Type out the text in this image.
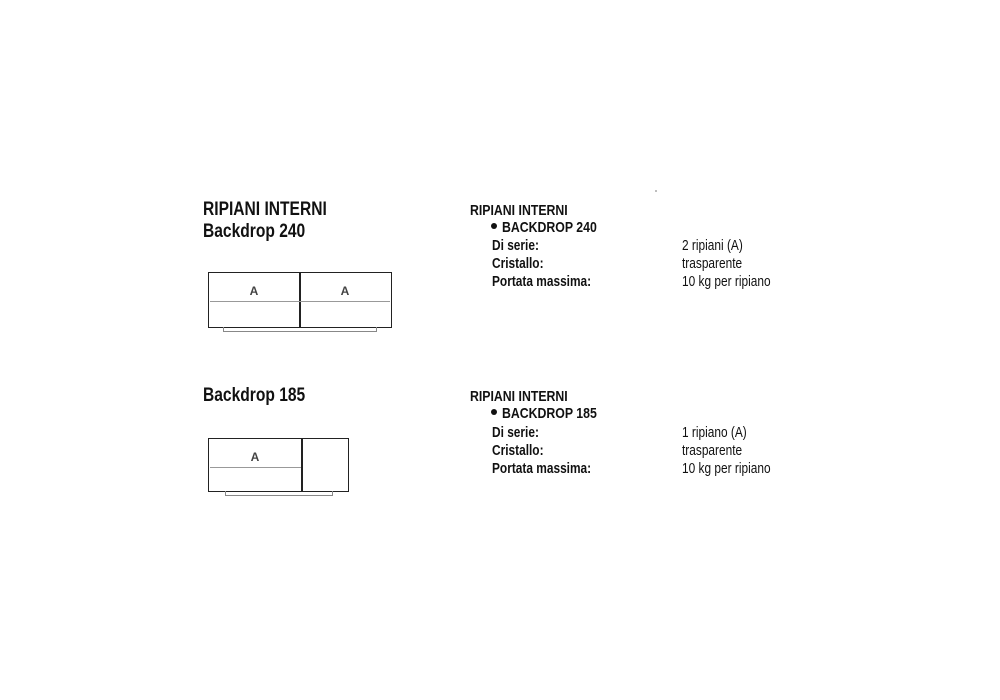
RIPIANI INTERNI
Backdrop 240
A	A
RIPIANI INTERNI
BACKDROP 240
Di serie:	2 ripiani (A)
Cristallo:	trasparente
Portata massima:	10 kg per ripiano
Backdrop 185
A
RIPIANI INTERNI
BACKDROP 185
Di serie:	1 ripiano (A)
Cristallo:	trasparente
Portata massima:	10 kg per ripiano
